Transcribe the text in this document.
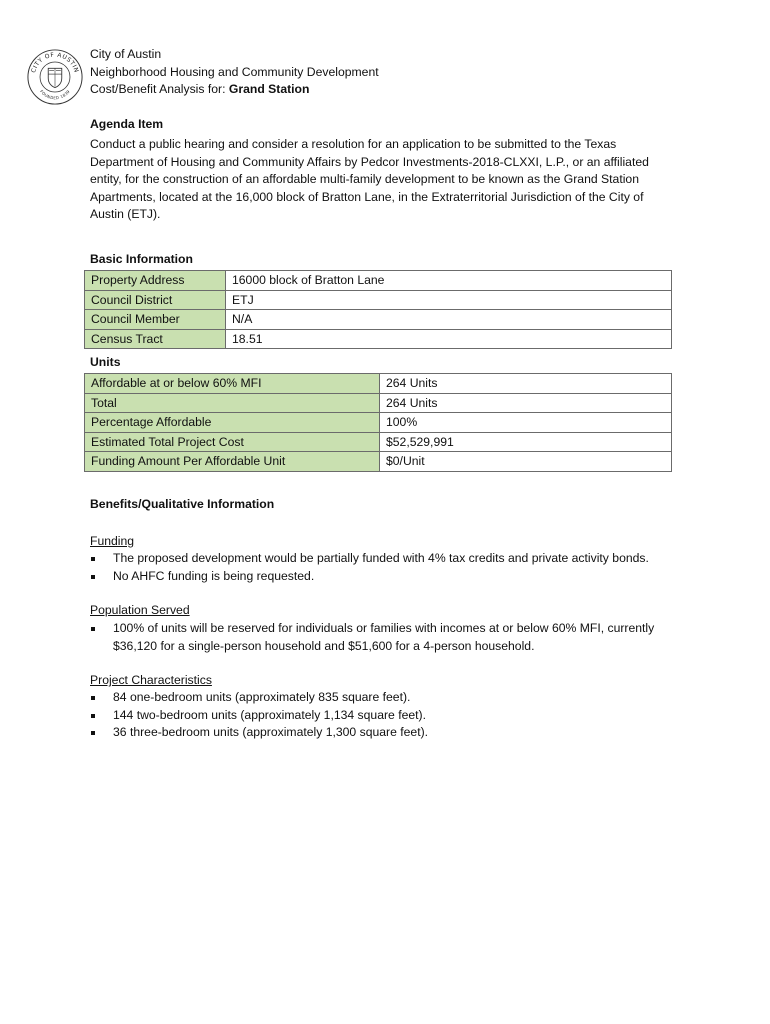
CITY OF AUSTIN
FOUNDED 1839
City of Austin
Neighborhood Housing and Community Development
Cost/Benefit Analysis for: Grand Station
Agenda Item
Conduct a public hearing and consider a resolution for an application to be submitted to the Texas
Department of Housing and Community Affairs by Pedcor Investments-2018-CLXXI, L.P., or an affiliated
entity, for the construction of an affordable multi-family development to be known as the Grand Station
Apartments, located at the 16,000 block of Bratton Lane, in the Extraterritorial Jurisdiction of the City of
Austin (ETJ).
Basic Information
Property Address	16000 block of Bratton Lane
Council District	ETJ
Council Member	N/A
Census Tract	18.51
Units
Affordable at or below 60% MFI	264 Units
Total	264 Units
Percentage Affordable	100%
Estimated Total Project Cost	$52,529,991
Funding Amount Per Affordable Unit	$0/Unit
Benefits/Qualitative Information
Funding
The proposed development would be partially funded with 4% tax credits and private activity bonds.
No AHFC funding is being requested.
Population Served
100% of units will be reserved for individuals or families with incomes at or below 60% MFI, currently $36,120 for a single-person household and $51,600 for a 4-person household.
Project Characteristics
84 one-bedroom units (approximately 835 square feet).
144 two-bedroom units (approximately 1,134 square feet).
36 three-bedroom units (approximately 1,300 square feet).
